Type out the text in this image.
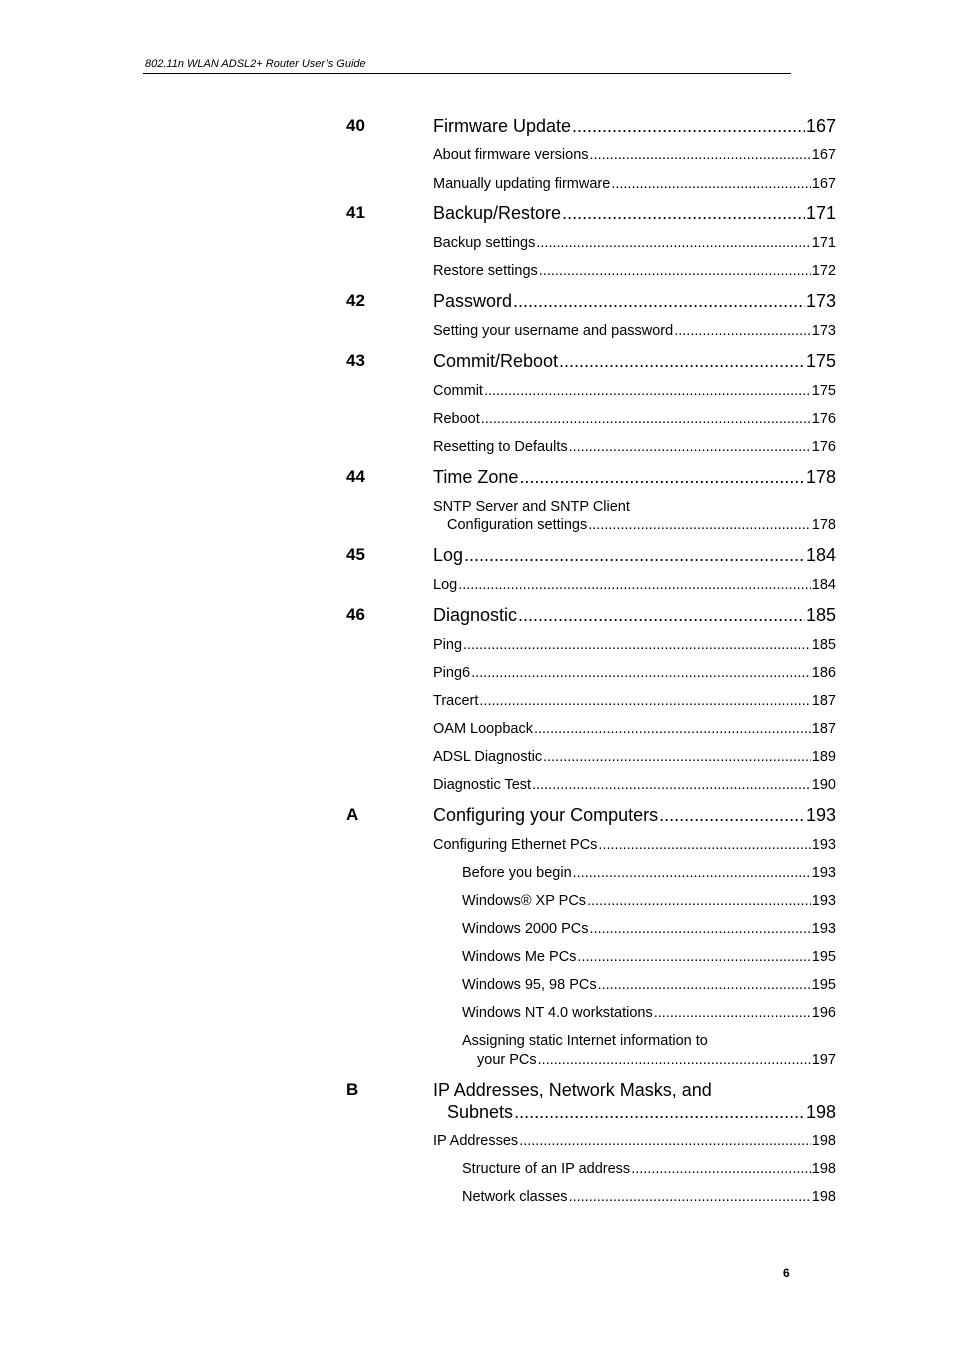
802.11n WLAN ADSL2+ Router User’s Guide
40	Firmware Update .....	167
About firmware versions .....	167
Manually updating firmware .....	167
41	Backup/Restore .....	171
Backup settings .....	171
Restore settings .....	172
42	Password .....	173
Setting your username and password .....	173
43	Commit/Reboot .....	175
Commit .....	175
Reboot .....	176
Resetting to Defaults .....	176
44	Time Zone .....	178
SNTP Server and SNTP Client
Configuration settings .....	178
45	Log .....	184
Log .....	184
46	Diagnostic .....	185
Ping .....	185
Ping6 .....	186
Tracert .....	187
OAM Loopback .....	187
ADSL Diagnostic .....	189
Diagnostic Test .....	190
A	Configuring your Computers .....	193
Configuring Ethernet PCs .....	193
Before you begin .....	193
Windows® XP PCs .....	193
Windows 2000 PCs .....	193
Windows Me PCs .....	195
Windows 95, 98 PCs .....	195
Windows NT 4.0 workstations .....	196
Assigning static Internet information to
your PCs .....	197
B	IP Addresses, Network Masks, and
Subnets .....	198
IP Addresses .....	198
Structure of an IP address .....	198
Network classes .....	198
6
